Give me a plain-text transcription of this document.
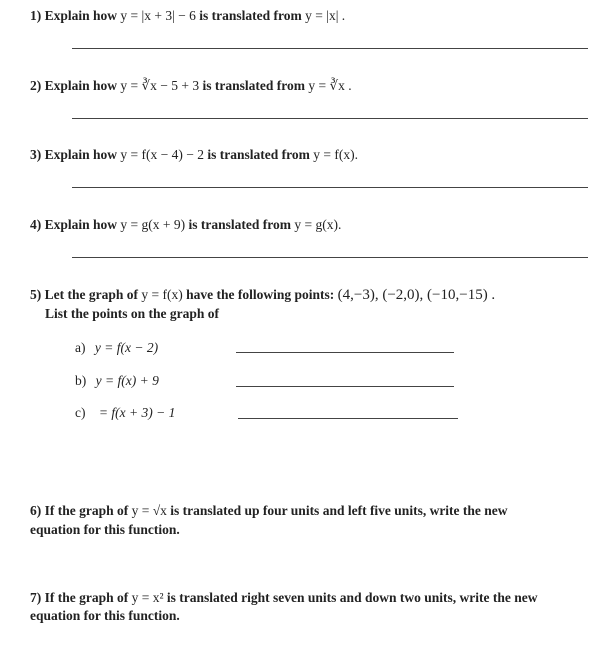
1) Explain how y = |x + 3| − 6 is translated from y = |x| .
2) Explain how y = ∛x − 5 + 3 is translated from y = ∛x .
3) Explain how y = f(x − 4) − 2 is translated from y = f(x).
4) Explain how y = g(x + 9) is translated from y = g(x).
5) Let the graph of y = f(x) have the following points: (4,−3), (−2,0), (−10,−15) .
List the points on the graph of
a) y = f(x − 2)
b) y = f(x) + 9
c) = f(x + 3) − 1
6) If the graph of y = √x is translated up four units and left five units, write the new
equation for this function.
7) If the graph of y = x² is translated right seven units and down two units, write the new
equation for this function.
